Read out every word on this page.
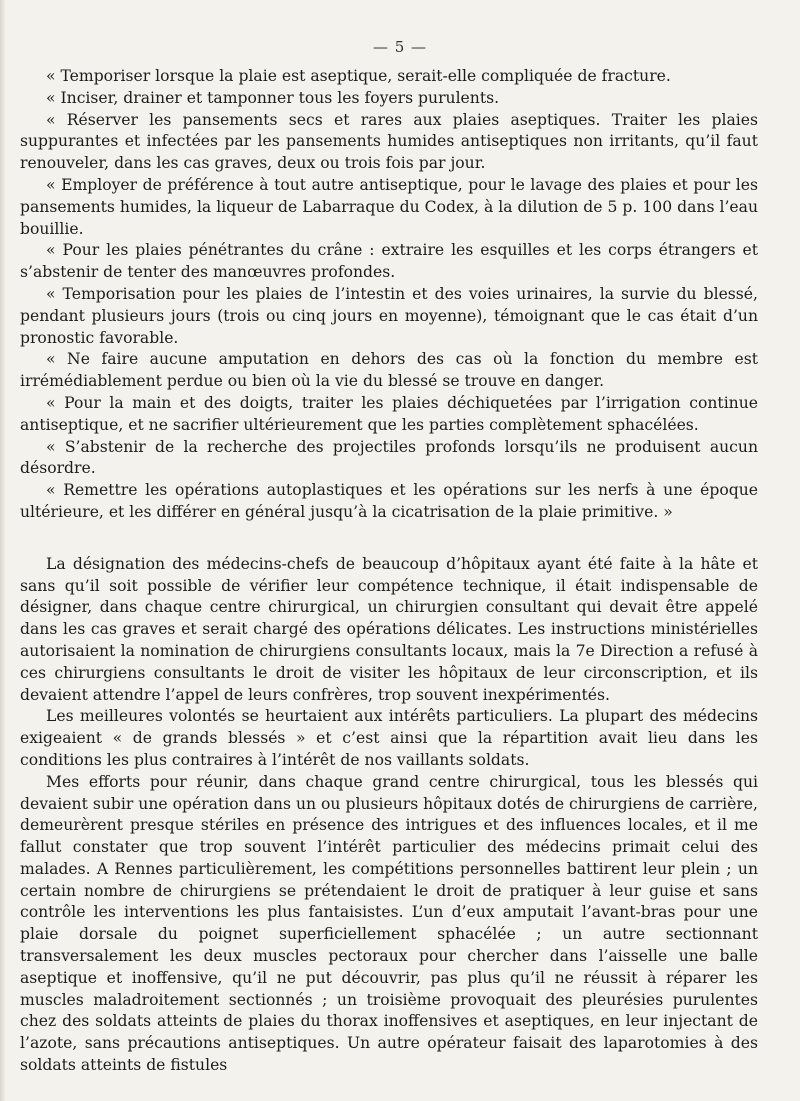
— 5 —

« Temporiser lorsque la plaie est aseptique, serait-elle compliquée de fracture.

« Inciser, drainer et tamponner tous les foyers purulents.

« Réserver les pansements secs et rares aux plaies aseptiques. Traiter les plaies suppurantes et infectées par les pansements humides antiseptiques non irritants, qu’il faut renouveler, dans les cas graves, deux ou trois fois par jour.

« Employer de préférence à tout autre antiseptique, pour le lavage des plaies et pour les pansements humides, la liqueur de Labarraque du Codex, à la dilution de 5 p. 100 dans l’eau bouillie.

« Pour les plaies pénétrantes du crâne : extraire les esquilles et les corps étrangers et s’abstenir de tenter des manœuvres profondes.

« Temporisation pour les plaies de l’intestin et des voies urinaires, la survie du blessé, pendant plusieurs jours (trois ou cinq jours en moyenne), témoignant que le cas était d’un pronostic favorable.

« Ne faire aucune amputation en dehors des cas où la fonction du membre est irrémédiablement perdue ou bien où la vie du blessé se trouve en danger.

« Pour la main et des doigts, traiter les plaies déchiquetées par l’irrigation continue antiseptique, et ne sacrifier ultérieurement que les parties complètement sphacélées.

« S’abstenir de la recherche des projectiles profonds lorsqu’ils ne produisent aucun désordre.

« Remettre les opérations autoplastiques et les opérations sur les nerfs à une époque ultérieure, et les différer en général jusqu’à la cicatrisation de la plaie primitive. »

La désignation des médecins-chefs de beaucoup d’hôpitaux ayant été faite à la hâte et sans qu’il soit possible de vérifier leur compétence technique, il était indispensable de désigner, dans chaque centre chirurgical, un chirurgien consultant qui devait être appelé dans les cas graves et serait chargé des opérations délicates. Les instructions ministérielles autorisaient la nomination de chirurgiens consultants locaux, mais la 7e Direction a refusé à ces chirurgiens consultants le droit de visiter les hôpitaux de leur circonscription, et ils devaient attendre l’appel de leurs confrères, trop souvent inexpérimentés.

Les meilleures volontés se heurtaient aux intérêts particuliers. La plupart des médecins exigeaient « de grands blessés » et c’est ainsi que la répartition avait lieu dans les conditions les plus contraires à l’intérêt de nos vaillants soldats.

Mes efforts pour réunir, dans chaque grand centre chirurgical, tous les blessés qui devaient subir une opération dans un ou plusieurs hôpitaux dotés de chirurgiens de carrière, demeurèrent presque stériles en présence des intrigues et des influences locales, et il me fallut constater que trop souvent l’intérêt particulier des médecins primait celui des malades. A Rennes particulièrement, les compétitions personnelles battirent leur plein ; un certain nombre de chirurgiens se prétendaient le droit de pratiquer à leur guise et sans contrôle les interventions les plus fantaisistes. L’un d’eux amputait l’avant-bras pour une plaie dorsale du poignet superficiellement sphacélée ; un autre sectionnant transversalement les deux muscles pectoraux pour chercher dans l’aisselle une balle aseptique et inoffensive, qu’il ne put découvrir, pas plus qu’il ne réussit à réparer les muscles maladroitement sectionnés ; un troisième provoquait des pleurésies purulentes chez des soldats atteints de plaies du thorax inoffensives et aseptiques, en leur injectant de l’azote, sans précautions antiseptiques. Un autre opérateur faisait des laparotomies à des soldats atteints de fistules
